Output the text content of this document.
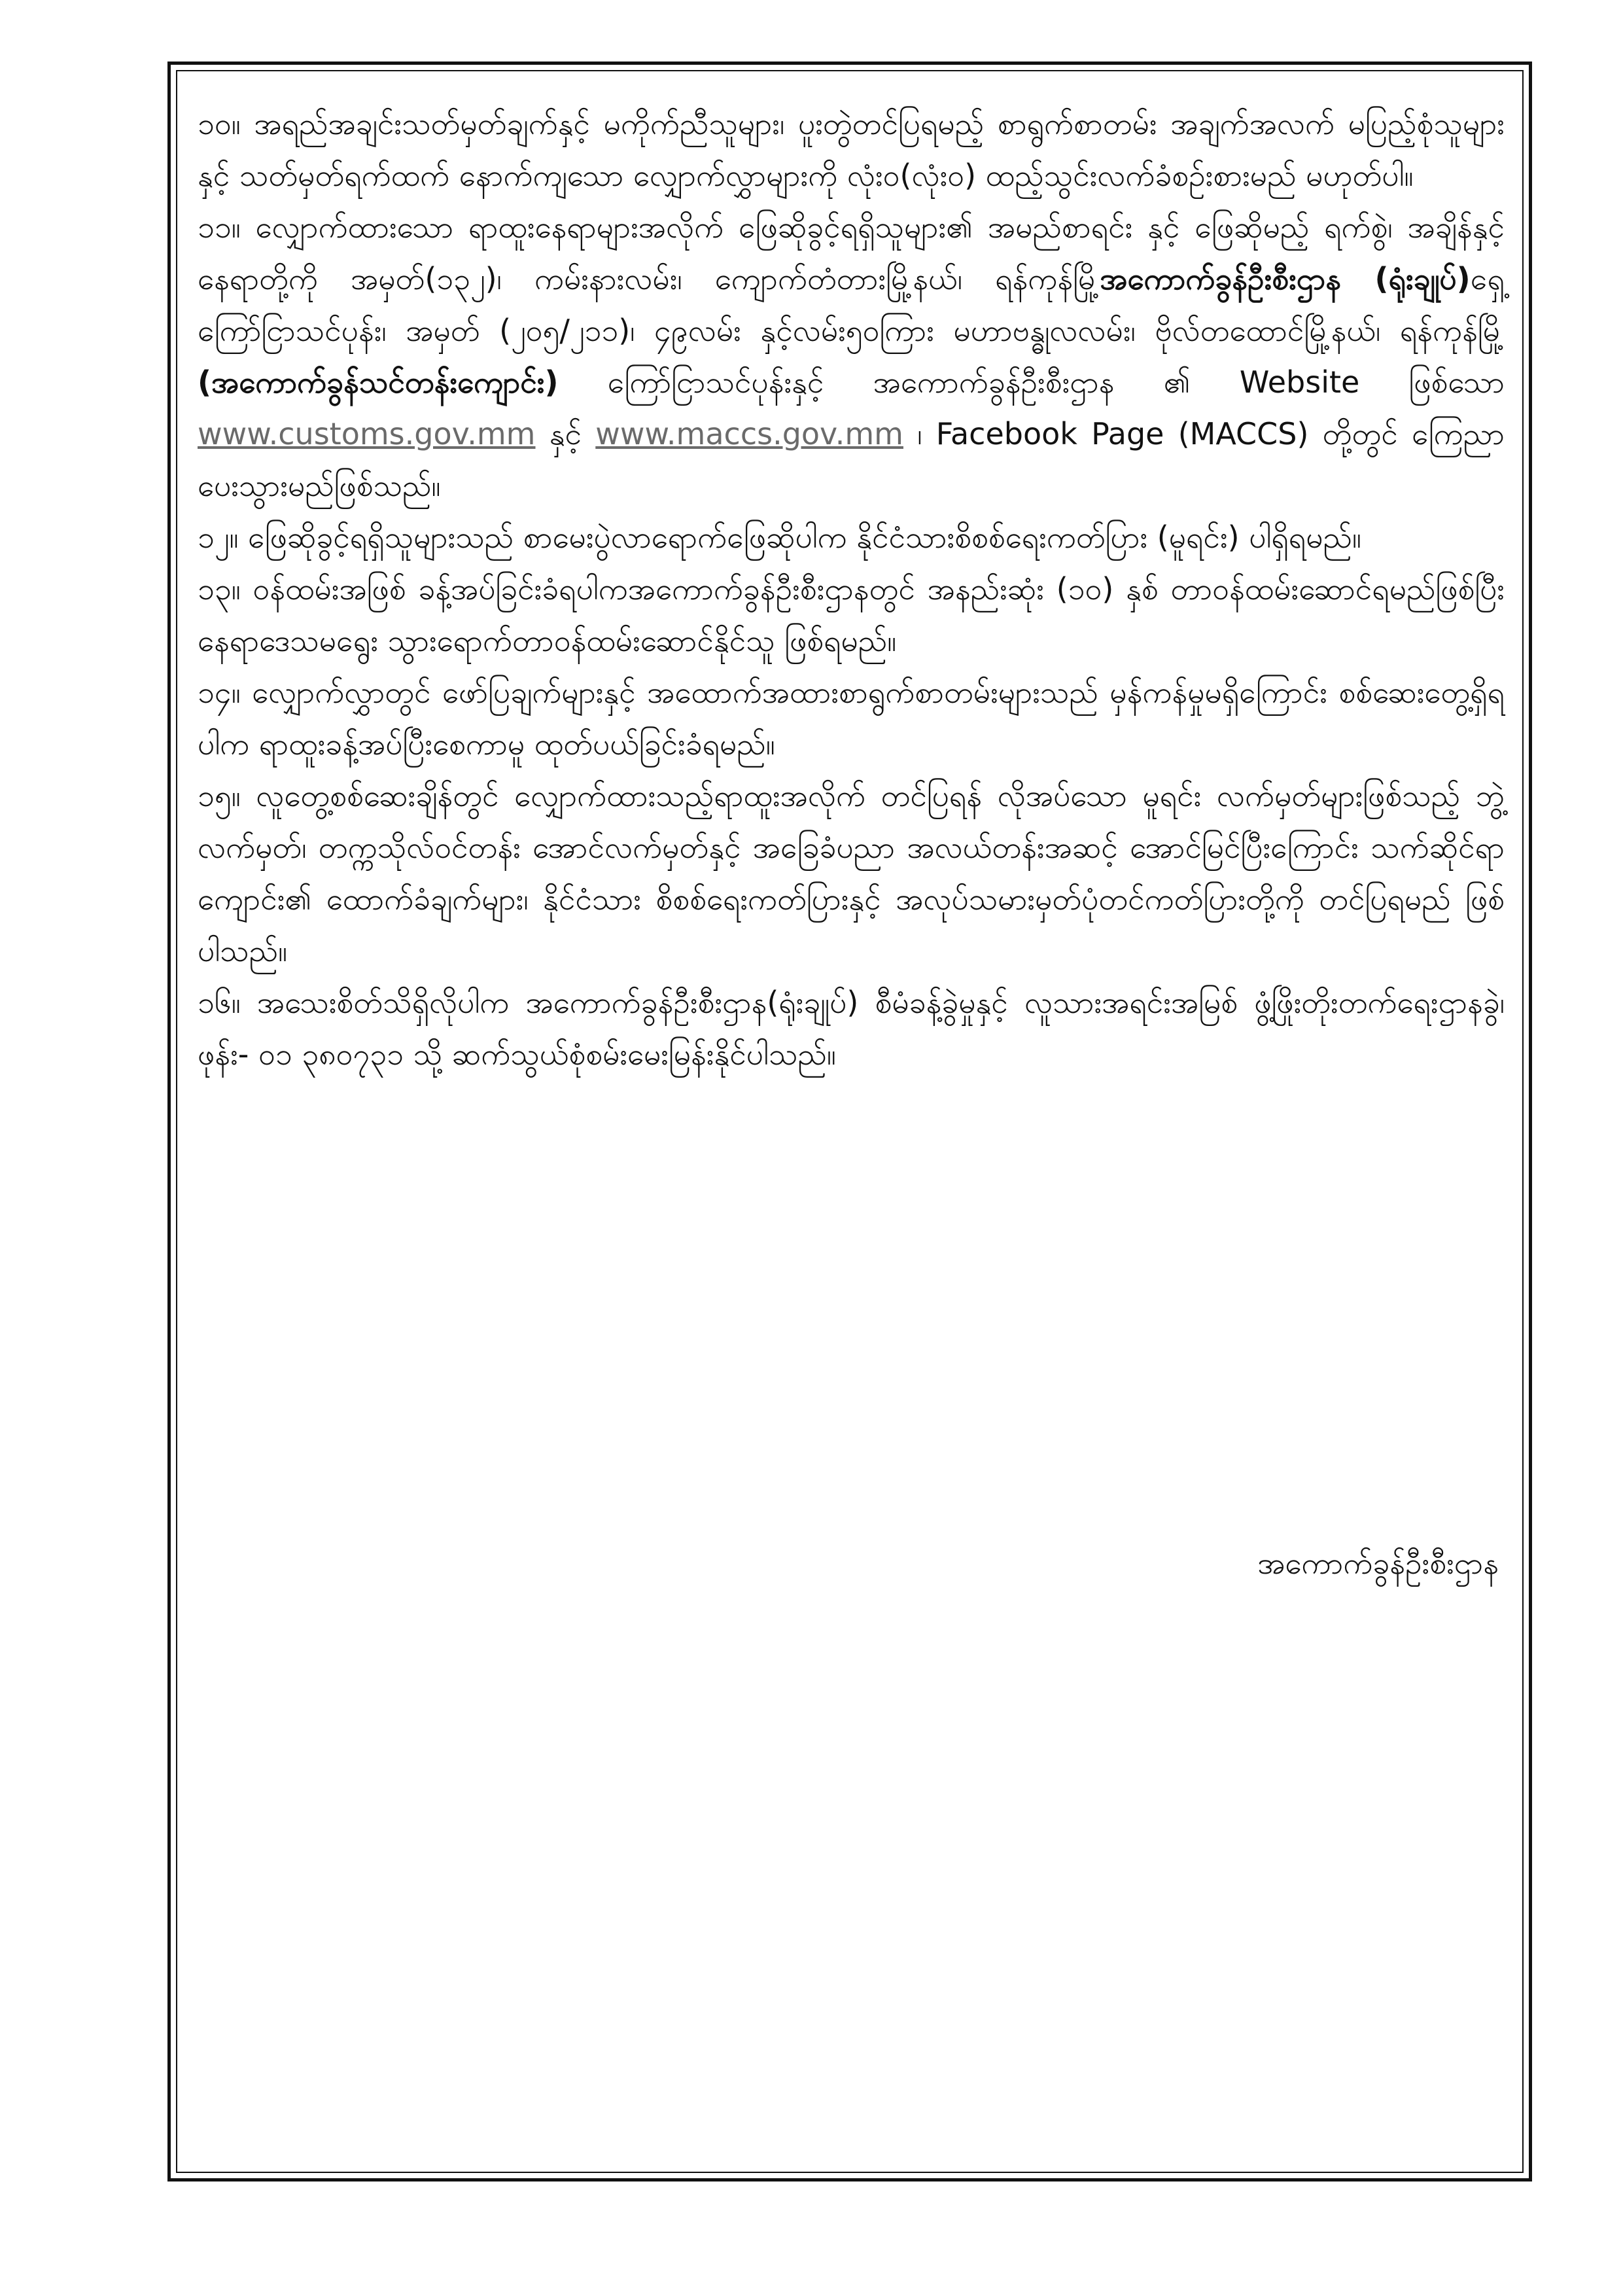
၁၀။ အရည်အချင်းသတ်မှတ်ချက်နှင့် မကိုက်ညီသူများ၊ ပူးတွဲတင်ပြရမည့် စာရွက်စာတမ်း အချက်အလက် မပြည့်စုံသူများနှင့် သတ်မှတ်ရက်ထက် နောက်ကျသော လျှောက်လွှာများကို လုံးဝ(လုံးဝ) ထည့်သွင်းလက်ခံစဉ်းစားမည် မဟုတ်ပါ။

၁၁။ လျှောက်ထားသော ရာထူးနေရာများအလိုက် ဖြေဆိုခွင့်ရရှိသူများ၏ အမည်စာရင်း နှင့် ဖြေဆိုမည့် ရက်စွဲ၊ အချိန်နှင့် နေရာတို့ကို အမှတ်(၁၃၂)၊ ကမ်းနားလမ်း၊ ကျောက်တံတားမြို့နယ်၊ ရန်ကုန်မြို့အကောက်ခွန်ဦးစီးဌာန (ရုံးချုပ်)ရှေ့ကြော်ငြာသင်ပုန်း၊ အမှတ် (၂၀၅/၂၁၁)၊ ၄၉လမ်း နှင့်လမ်း၅၀ကြား မဟာဗန္ဓုလလမ်း၊ ဗိုလ်တထောင်မြို့နယ်၊ ရန်ကုန်မြို့ (အကောက်ခွန်သင်တန်းကျောင်း) ကြော်ငြာသင်ပုန်းနှင့် အကောက်ခွန်ဦးစီးဌာန ၏ Website ဖြစ်သော www.customs.gov.mm နှင့် www.maccs.gov.mm ၊ Facebook Page (MACCS) တို့တွင် ကြေညာပေးသွားမည်ဖြစ်သည်။

၁၂။ ဖြေဆိုခွင့်ရရှိသူများသည် စာမေးပွဲလာရောက်ဖြေဆိုပါက နိုင်ငံသားစိစစ်ရေးကတ်ပြား (မူရင်း) ပါရှိရမည်။

၁၃။ ဝန်ထမ်းအဖြစ် ခန့်အပ်ခြင်းခံရပါကအကောက်ခွန်ဦးစီးဌာနတွင် အနည်းဆုံး (၁၀) နှစ် တာဝန်ထမ်းဆောင်ရမည်ဖြစ်ပြီး နေရာဒေသမရွေး သွားရောက်တာဝန်ထမ်းဆောင်နိုင်သူ ဖြစ်ရမည်။

၁၄။ လျှောက်လွှာတွင် ဖော်ပြချက်များနှင့် အထောက်အထားစာရွက်စာတမ်းများသည် မှန်ကန်မှုမရှိကြောင်း စစ်ဆေးတွေ့ရှိရပါက ရာထူးခန့်အပ်ပြီးစေကာမူ ထုတ်ပယ်ခြင်းခံရမည်။

၁၅။ လူတွေ့စစ်ဆေးချိန်တွင် လျှောက်ထားသည့်ရာထူးအလိုက် တင်ပြရန် လိုအပ်သော မူရင်း လက်မှတ်များဖြစ်သည့် ဘွဲ့လက်မှတ်၊ တက္ကသိုလ်ဝင်တန်း အောင်လက်မှတ်နှင့် အခြေခံပညာ အလယ်တန်းအဆင့် အောင်မြင်ပြီးကြောင်း သက်ဆိုင်ရာ ကျောင်း၏ ထောက်ခံချက်များ၊ နိုင်ငံသား စိစစ်ရေးကတ်ပြားနှင့် အလုပ်သမားမှတ်ပုံတင်ကတ်ပြားတို့ကို တင်ပြရမည် ဖြစ်ပါသည်။

၁၆။ အသေးစိတ်သိရှိလိုပါက အကောက်ခွန်ဦးစီးဌာန(ရုံးချုပ်) စီမံခန့်ခွဲမှုနှင့် လူသားအရင်းအမြစ် ဖွံ့ဖြိုးတိုးတက်ရေးဌာနခွဲ၊ ဖုန်း- ၀၁ ၃၈၀၇၃၁ သို့ ဆက်သွယ်စုံစမ်းမေးမြန်းနိုင်ပါသည်။

အကောက်ခွန်ဦးစီးဌာန
